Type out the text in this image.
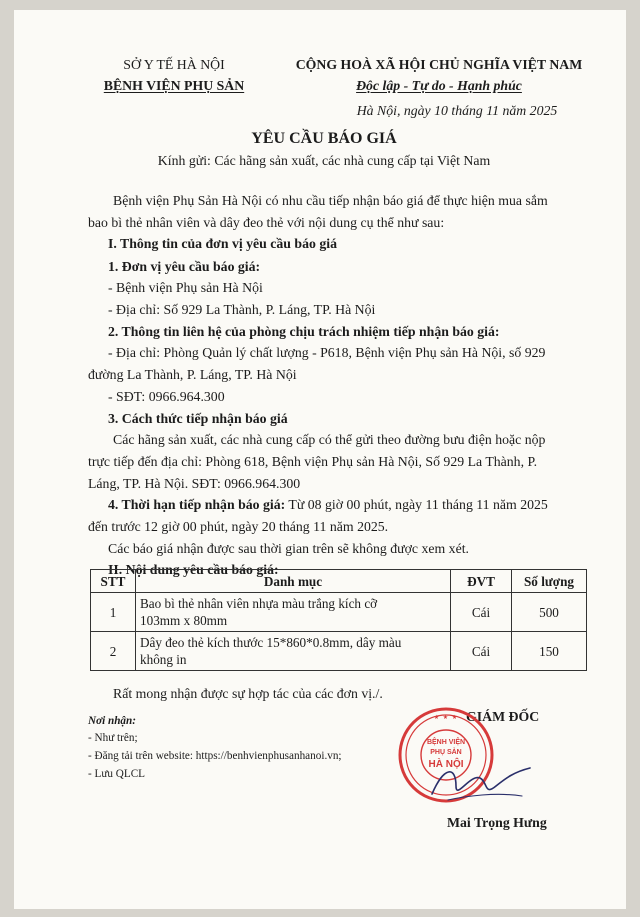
SỞ Y TẾ HÀ NỘI
BỆNH VIỆN PHỤ SẢN
CỘNG HOÀ XÃ HỘI CHỦ NGHĨA VIỆT NAM
Độc lập - Tự do - Hạnh phúc
Hà Nội, ngày 10 tháng 11 năm 2025
YÊU CẦU BÁO GIÁ
Kính gửi: Các hãng sản xuất, các nhà cung cấp tại Việt Nam
Bệnh viện Phụ Sản Hà Nội có nhu cầu tiếp nhận báo giá để thực hiện mua sắm
bao bì thẻ nhân viên và dây đeo thẻ với nội dung cụ thể như sau:
I. Thông tin của đơn vị yêu cầu báo giá
1. Đơn vị yêu cầu báo giá:
- Bệnh viện Phụ sản Hà Nội
- Địa chỉ: Số 929 La Thành, P. Láng, TP. Hà Nội
2. Thông tin liên hệ của phòng chịu trách nhiệm tiếp nhận báo giá:
- Địa chỉ: Phòng Quản lý chất lượng - P618, Bệnh viện Phụ sản Hà Nội, số 929
đường La Thành, P. Láng, TP. Hà Nội
- SĐT: 0966.964.300
3. Cách thức tiếp nhận báo giá
Các hãng sản xuất, các nhà cung cấp có thể gửi theo đường bưu điện hoặc nộp
trực tiếp đến địa chỉ: Phòng 618, Bệnh viện Phụ sản Hà Nội, Số 929 La Thành, P.
Láng, TP. Hà Nội. SĐT: 0966.964.300
4. Thời hạn tiếp nhận báo giá: Từ 08 giờ 00 phút, ngày 11 tháng 11 năm 2025
đến trước 12 giờ 00 phút, ngày 20 tháng 11 năm 2025.
Các báo giá nhận được sau thời gian trên sẽ không được xem xét.
II. Nội dung yêu cầu báo giá:
STT	Danh mục	ĐVT	Số lượng
1	Bao bì thẻ nhân viên nhựa màu trắng kích cỡ
103mm x 80mm	Cái	500
2	Dây đeo thẻ kích thước 15*860*0.8mm, dây màu
không in	Cái	150
Rất mong nhận được sự hợp tác của các đơn vị./.
Nơi nhận:
- Như trên;
- Đăng tải trên website: https://benhvienphusanhanoi.vn;
- Lưu QLCL
GIÁM ĐỐC
BỆNH VIỆN
PHỤ SẢN
HÀ NỘI
★ ★ ★
Mai Trọng Hưng
